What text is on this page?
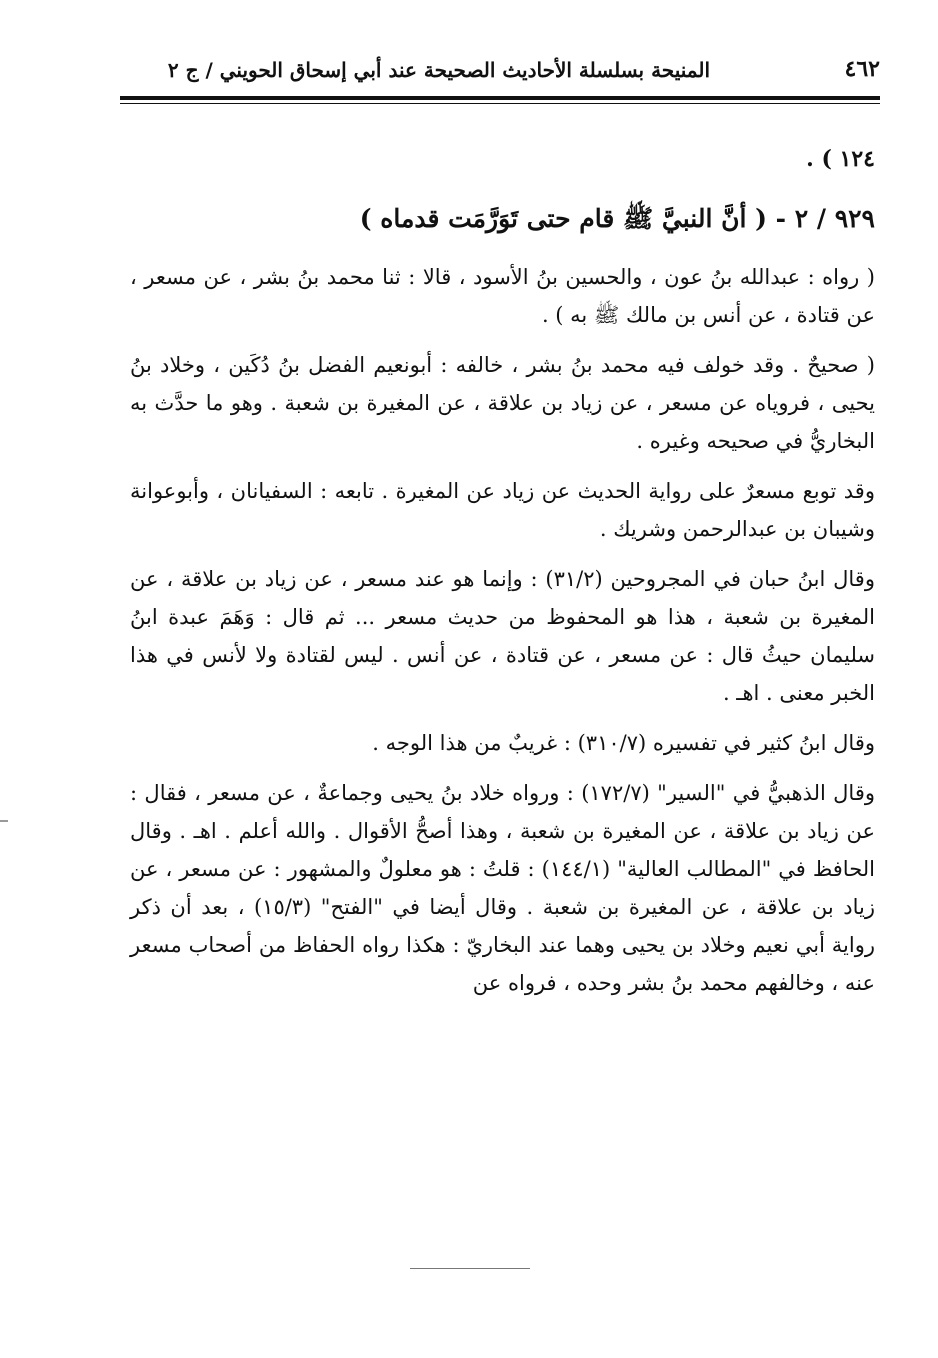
المنيحة بسلسلة الأحاديث الصحيحة عند أبي إسحاق الحويني / ج ٢	٤٦٢

١٢٤ ) .

٩٢٩ / ٢ - ( أنَّ النبيَّ ﷺ قام حتى تَوَرَّمَت قدماه )

( رواه : عبدالله بنُ عون ، والحسين بنُ الأسود ، قالا : ثنا محمد بنُ بشر ، عن مسعر ، عن قتادة ، عن أنس بن مالك ﷺ به ) .

( صحيحٌ . وقد خولف فيه محمد بنُ بشر ، خالفه : أبونعيم الفضل بنُ دُكَين ، وخلاد بنُ يحيى ، فروياه عن مسعر ، عن زياد بن علاقة ، عن المغيرة بن شعبة . وهو ما حدَّث به البخاريُّ في صحيحه وغيره .

وقد توبع مسعرٌ على رواية الحديث عن زياد عن المغيرة . تابعه : السفيانان ، وأبوعوانة وشيبان بن عبدالرحمن وشريك .

وقال ابنُ حبان في المجروحين (٣١/٢) : وإنما هو عند مسعر ، عن زياد بن علاقة ، عن المغيرة بن شعبة ، هذا هو المحفوظ من حديث مسعر ... ثم قال : وَهَمَ عبدة ابنُ سليمان حيثُ قال : عن مسعر ، عن قتادة ، عن أنس . ليس لقتادة ولا لأنس في هذا الخبر معنى . اهـ .

وقال ابنُ كثير في تفسيره (٣١٠/٧) : غريبٌ من هذا الوجه .

وقال الذهبيُّ في "السير" (١٧٢/٧) : ورواه خلاد بنُ يحيى وجماعةٌ ، عن مسعر ، فقال : عن زياد بن علاقة ، عن المغيرة بن شعبة ، وهذا أصحُّ الأقوال . والله أعلم . اهـ . وقال الحافظ في "المطالب العالية" (١٤٤/١) : قلتُ : هو معلولٌ والمشهور : عن مسعر ، عن زياد بن علاقة ، عن المغيرة بن شعبة . وقال أيضا في "الفتح" (١٥/٣) ، بعد أن ذكر رواية أبي نعيم وخلاد بن يحيى وهما عند البخاريّ : هكذا رواه الحفاظ من أصحاب مسعر عنه ، وخالفهم محمد بنُ بشر وحده ، فرواه عن
